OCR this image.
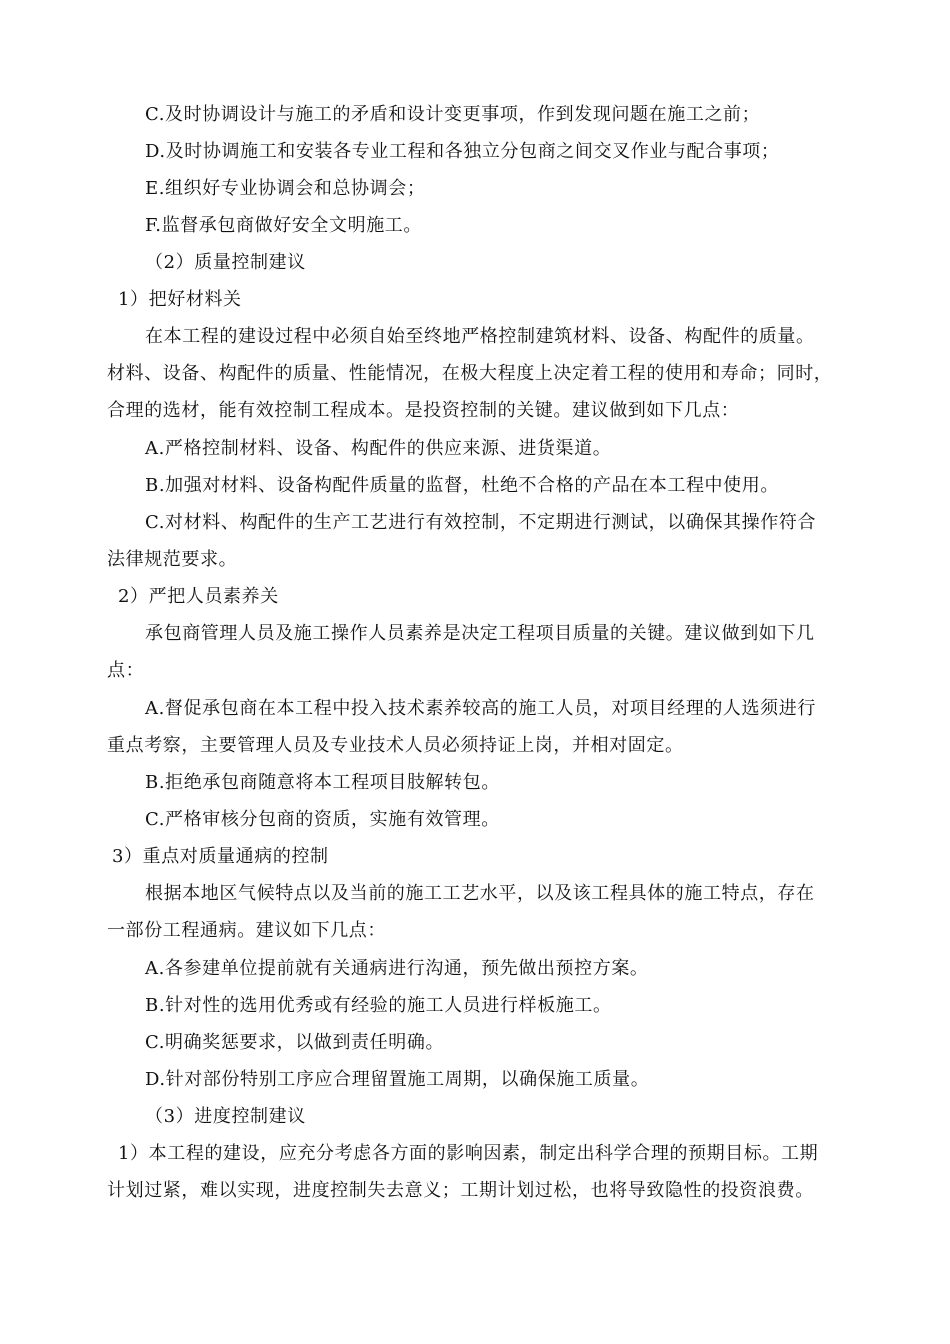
C.及时协调设计与施工的矛盾和设计变更事项，作到发现问题在施工之前；
D.及时协调施工和安装各专业工程和各独立分包商之间交叉作业与配合事项；
E.组织好专业协调会和总协调会；
F.监督承包商做好安全文明施工。
（2）质量控制建议
1）把好材料关
在本工程的建设过程中必须自始至终地严格控制建筑材料、设备、构配件的质量。
材料、设备、构配件的质量、性能情况，在极大程度上决定着工程的使用和寿命；同时，
合理的选材，能有效控制工程成本。是投资控制的关键。建议做到如下几点：
A.严格控制材料、设备、构配件的供应来源、进货渠道。
B.加强对材料、设备构配件质量的监督，杜绝不合格的产品在本工程中使用。
C.对材料、构配件的生产工艺进行有效控制，不定期进行测试，以确保其操作符合
法律规范要求。
2）严把人员素养关
承包商管理人员及施工操作人员素养是决定工程项目质量的关键。建议做到如下几
点：
A.督促承包商在本工程中投入技术素养较高的施工人员，对项目经理的人选须进行
重点考察，主要管理人员及专业技术人员必须持证上岗，并相对固定。
B.拒绝承包商随意将本工程项目肢解转包。
C.严格审核分包商的资质，实施有效管理。
3）重点对质量通病的控制
根据本地区气候特点以及当前的施工工艺水平，以及该工程具体的施工特点，存在
一部份工程通病。建议如下几点：
A.各参建单位提前就有关通病进行沟通，预先做出预控方案。
B.针对性的选用优秀或有经验的施工人员进行样板施工。
C.明确奖惩要求，以做到责任明确。
D.针对部份特别工序应合理留置施工周期，以确保施工质量。
（3）进度控制建议
1）本工程的建设，应充分考虑各方面的影响因素，制定出科学合理的预期目标。工期
计划过紧，难以实现，进度控制失去意义；工期计划过松，也将导致隐性的投资浪费。
